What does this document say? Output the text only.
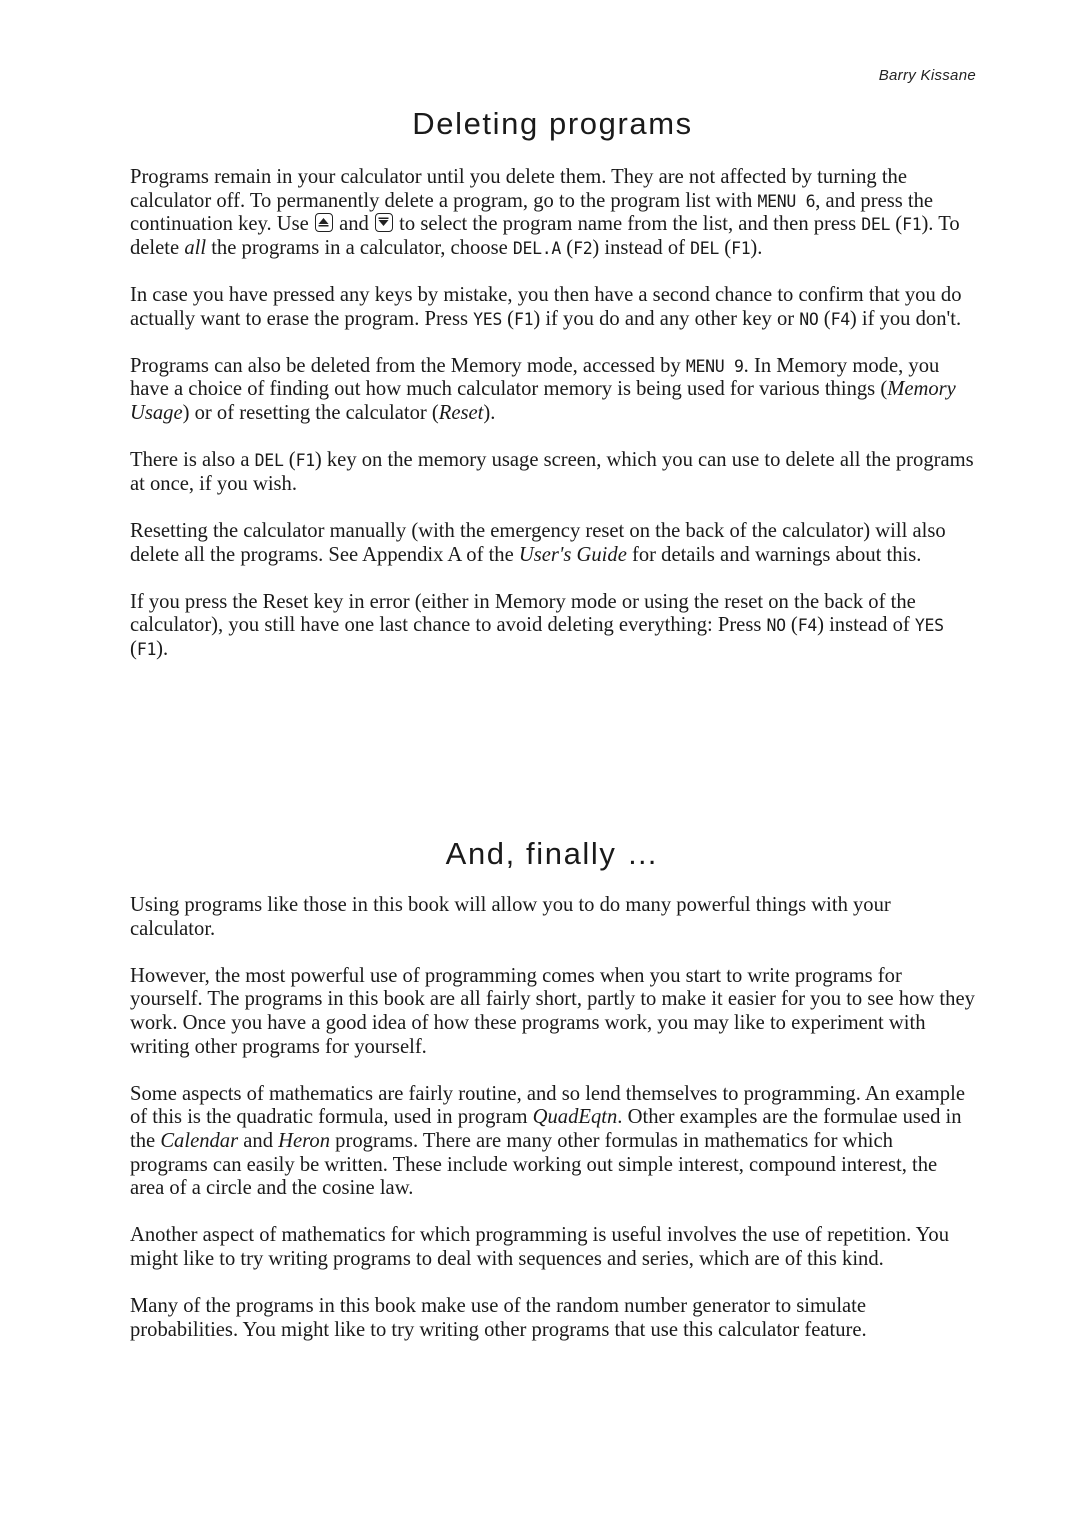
Barry Kissane
Deleting programs

Programs remain in your calculator until you delete them. They are not affected by turning the calculator off. To permanently delete a program, go to the program list with MENU 6, and press the continuation key. Use
and
to select the program name from the list, and then press DEL (F1). To delete all the programs in a calculator, choose DEL.A (F2) instead of DEL (F1).

In case you have pressed any keys by mistake, you then have a second chance to confirm that you do actually want to erase the program. Press YES (F1) if you do and any other key or NO (F4) if you don't.

Programs can also be deleted from the Memory mode, accessed by MENU 9. In Memory mode, you have a choice of finding out how much calculator memory is being used for various things (Memory Usage) or of resetting the calculator (Reset).

There is also a DEL (F1) key on the memory usage screen, which you can use to delete all the programs at once, if you wish.

Resetting the calculator manually (with the emergency reset on the back of the calculator) will also delete all the programs. See Appendix A of the User's Guide for details and warnings about this.

If you press the Reset key in error (either in Memory mode or using the reset on the back of the calculator), you still have one last chance to avoid deleting everything: Press NO (F4) instead of YES (F1).

And, finally …

Using programs like those in this book will allow you to do many powerful things with your calculator.

However, the most powerful use of programming comes when you start to write programs for yourself. The programs in this book are all fairly short, partly to make it easier for you to see how they work. Once you have a good idea of how these programs work, you may like to experiment with writing other programs for yourself.

Some aspects of mathematics are fairly routine, and so lend themselves to programming. An example of this is the quadratic formula, used in program QuadEqtn. Other examples are the formulae used in the Calendar and Heron programs. There are many other formulas in mathematics for which programs can easily be written. These include working out simple interest, compound interest, the area of a circle and the cosine law.

Another aspect of mathematics for which programming is useful involves the use of repetition. You might like to try writing programs to deal with sequences and series, which are of this kind.

Many of the programs in this book make use of the random number generator to simulate probabilities. You might like to try writing other programs that use this calculator feature.
